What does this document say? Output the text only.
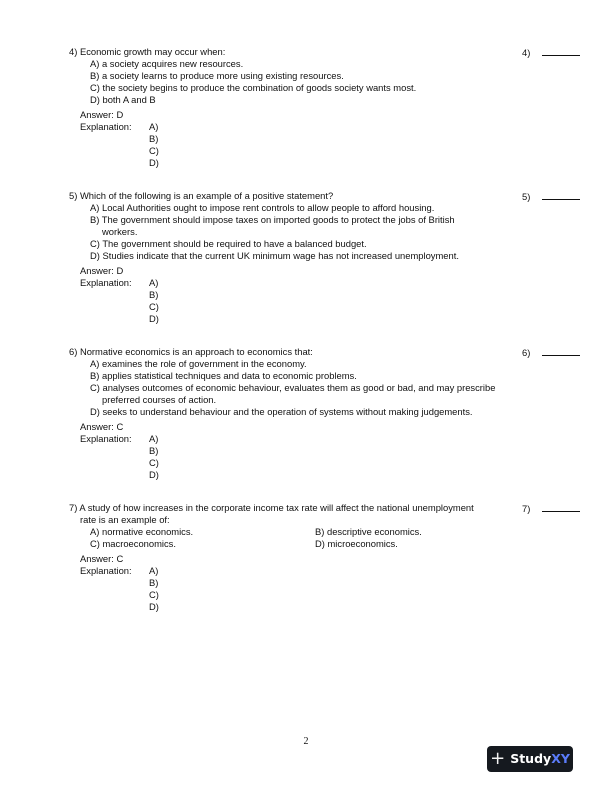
4) Economic growth may occur when:	4)
A) a society acquires new resources.
B) a society learns to produce more using existing resources.
C) the society begins to produce the combination of goods society wants most.
D) both A and B
Answer: D
Explanation: A)
B)
C)
D)
5) Which of the following is an example of a positive statement?	5)
A) Local Authorities ought to impose rent controls to allow people to afford housing.
B) The government should impose taxes on imported goods to protect the jobs of British
workers.
C) The government should be required to have a balanced budget.
D) Studies indicate that the current UK minimum wage has not increased unemployment.
Answer: D
Explanation: A)
B)
C)
D)
6) Normative economics is an approach to economics that:	6)
A) examines the role of government in the economy.
B) applies statistical techniques and data to economic problems.
C) analyses outcomes of economic behaviour, evaluates them as good or bad, and may prescribe
preferred courses of action.
D) seeks to understand behaviour and the operation of systems without making judgements.
Answer: C
Explanation: A)
B)
C)
D)
7) A study of how increases in the corporate income tax rate will affect the national unemployment
rate is an example of:
7)
A) normative economics.	B) descriptive economics.
C) macroeconomics.	D) microeconomics.
Answer: C
Explanation: A)
B)
C)
D)
2
+ Study XY
